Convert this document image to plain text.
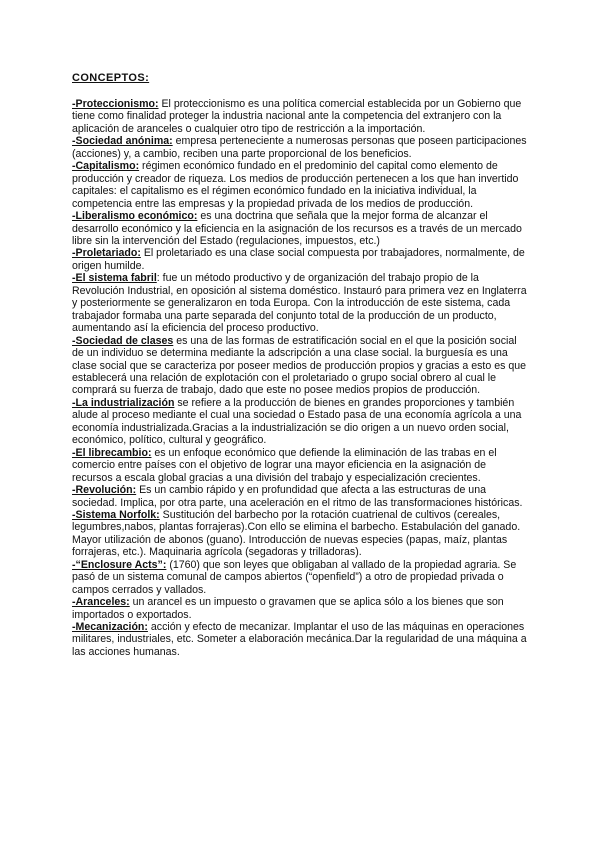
CONCEPTOS:

-Proteccionismo: El proteccionismo es una política comercial establecida por un Gobierno que tiene como finalidad proteger la industria nacional ante la competencia del extranjero con la aplicación de aranceles o cualquier otro tipo de restricción a la importación.

-Sociedad anónima: empresa perteneciente a numerosas personas que poseen participaciones (acciones) y, a cambio, reciben una parte proporcional de los beneficios.

-Capitalismo: régimen económico fundado en el predominio del capital como elemento de producción y creador de riqueza. Los medios de producción pertenecen a los que han invertido capitales: el capitalismo es el régimen económico fundado en la iniciativa individual, la competencia entre las empresas y la propiedad privada de los medios de producción.

-Liberalismo económico: es una doctrina que señala que la mejor forma de alcanzar el desarrollo económico y la eficiencia en la asignación de los recursos es a través de un mercado libre sin la intervención del Estado (regulaciones, impuestos, etc.)

-Proletariado: El proletariado es una clase social compuesta por trabajadores, normalmente, de origen humilde.

-El sistema fabril: fue un método productivo y de organización del trabajo propio de la Revolución Industrial, en oposición al sistema doméstico. Instauró para primera vez en Inglaterra y posteriormente se generalizaron en toda Europa. Con la introducción de este sistema, cada trabajador formaba una parte separada del conjunto total de la producción de un producto, aumentando así la eficiencia del proceso productivo.

-Sociedad de clases es una de las formas de estratificación social en el que la posición social de un individuo se determina mediante la adscripción a una clase social. la burguesía es una clase social que se caracteriza por poseer medios de producción propios y gracias a esto es que establecerá una relación de explotación con el proletariado o grupo social obrero al cual le comprará su fuerza de trabajo, dado que este no posee medios propios de producción.

-La industrialización se refiere a la producción de bienes en grandes proporciones y también alude al proceso mediante el cual una sociedad o Estado pasa de una economía agrícola a una economía industrializada.Gracias a la industrialización se dio origen a un nuevo orden social, económico, político, cultural y geográfico.

-El librecambio: es un enfoque económico que defiende la eliminación de las trabas en el comercio entre países con el objetivo de lograr una mayor eficiencia en la asignación de recursos a escala global gracias a una división del trabajo y especialización crecientes.

-Revolución: Es un cambio rápido y en profundidad que afecta a las estructuras de una sociedad. Implica, por otra parte, una aceleración en el ritmo de las transformaciones históricas.

-Sistema Norfolk: Sustitución del barbecho por la rotación cuatrienal de cultivos (cereales, legumbres,nabos, plantas forrajeras).Con ello se elimina el barbecho. Estabulación del ganado. Mayor utilización de abonos (guano). Introducción de nuevas especies (papas, maíz, plantas forrajeras, etc.). Maquinaria agrícola (segadoras y trilladoras).

-“Enclosure Acts”: (1760) que son leyes que obligaban al vallado de la propiedad agraria. Se pasó de un sistema comunal de campos abiertos (“openfield”) a otro de propiedad privada o campos cerrados y vallados.

-Aranceles: un arancel es un impuesto o gravamen que se aplica sólo a los bienes que son importados o exportados.

-Mecanización: acción y efecto de mecanizar. Implantar el uso de las máquinas en operaciones militares, industriales, etc. Someter a elaboración mecánica.Dar la regularidad de una máquina a las acciones humanas.
